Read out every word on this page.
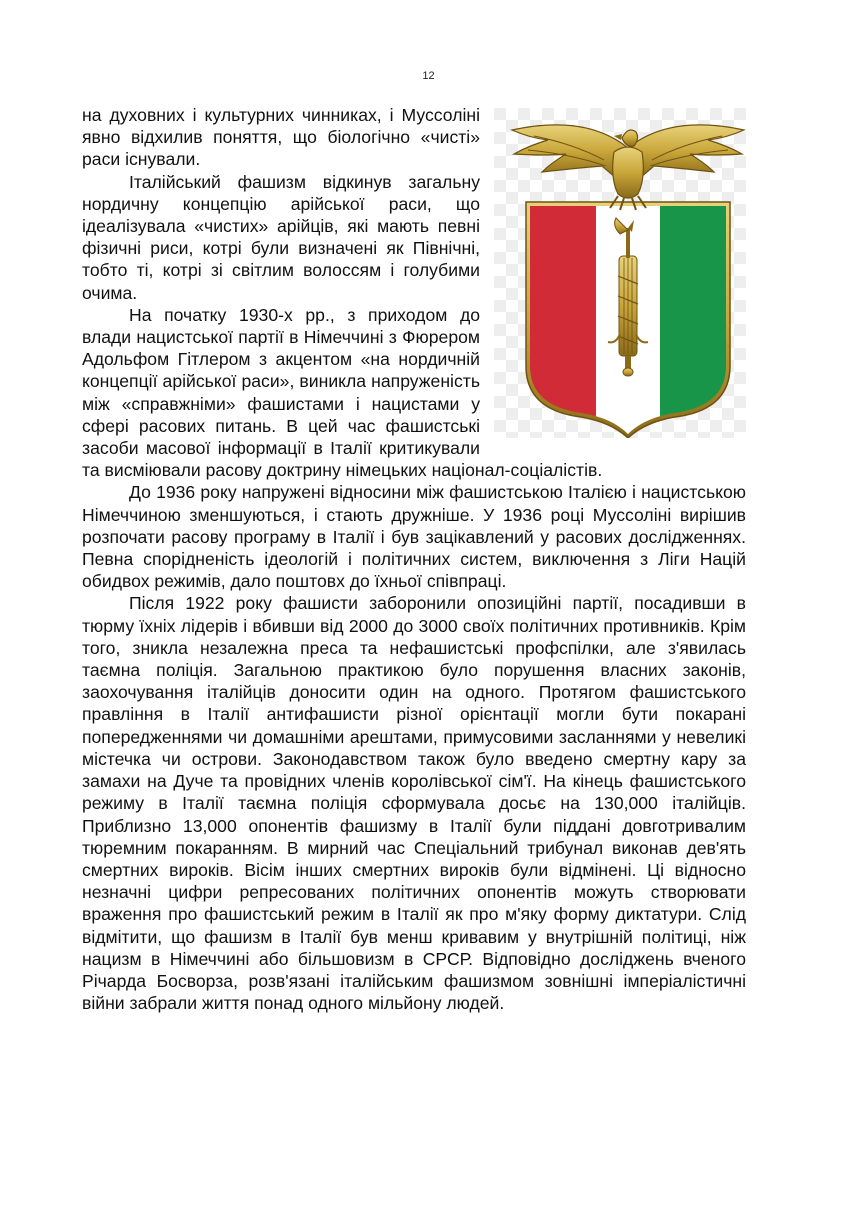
12

на духовних і культурних чинниках, і Муссоліні явно відхилив поняття, що біологічно «чисті» раси існували.

Італійський фашизм відкинув загальну нордичну концепцію арійської раси, що ідеалізувала «чистих» арійців, які мають певні фізичні риси, котрі були визначені як Північні, тобто ті, котрі зі світлим волоссям і голубими очима.

На початку 1930-х рр., з приходом до влади нацистської партії в Німеччині з Фюрером Адольфом Гітлером з акцентом «на нордичній концепції арійської раси», виникла напруженість між «справжніми» фашистами і нацистами у сфері расових питань. В цей час фашистські засоби масової інформації в Італії критикували та висміювали расову доктрину німецьких націонал-соціалістів.

До 1936 року напружені відносини між фашистською Італією і нацистською Німеччиною зменшуються, і стають дружніше. У 1936 році Муссоліні вирішив розпочати расову програму в Італії і був зацікавлений у расових дослідженнях. Певна спорідненість ідеологій і політичних систем, виключення з Ліги Націй обидвох режимів, дало поштовх до їхньої співпраці.

Після 1922 року фашисти заборонили опозиційні партії, посадивши в тюрму їхніх лідерів і вбивши від 2000 до 3000 своїх політичних противників. Крім того, зникла незалежна преса та нефашистські профспілки, але з'явилась таємна поліція. Загальною практикою було порушення власних законів, заохочування італійців доносити один на одного. Протягом фашистського правління в Італії антифашисти різної орієнтації могли бути покарані попередженнями чи домашніми арештами, примусовими засланнями у невеликі містечка чи острови. Законодавством також було введено смертну кару за замахи на Дуче та провідних членів королівської сім'ї. На кінець фашистського режиму в Італії таємна поліція сформувала досьє на 130,000 італійців. Приблизно 13,000 опонентів фашизму в Італії були піддані довготривалим тюремним покаранням. В мирний час Спеціальний трибунал виконав дев'ять смертних вироків. Вісім інших смертних вироків були відмінені. Ці відносно незначні цифри репресованих політичних опонентів можуть створювати враження про фашистський режим в Італії як про м'яку форму диктатури. Слід відмітити, що фашизм в Італії був менш кривавим у внутрішній політиці, ніж нацизм в Німеччині або більшовизм в СРСР. Відповідно досліджень вченого Річарда Босворза, розв'язані італійським фашизмом зовнішні імперіалістичні війни забрали життя понад одного мільйону людей.
